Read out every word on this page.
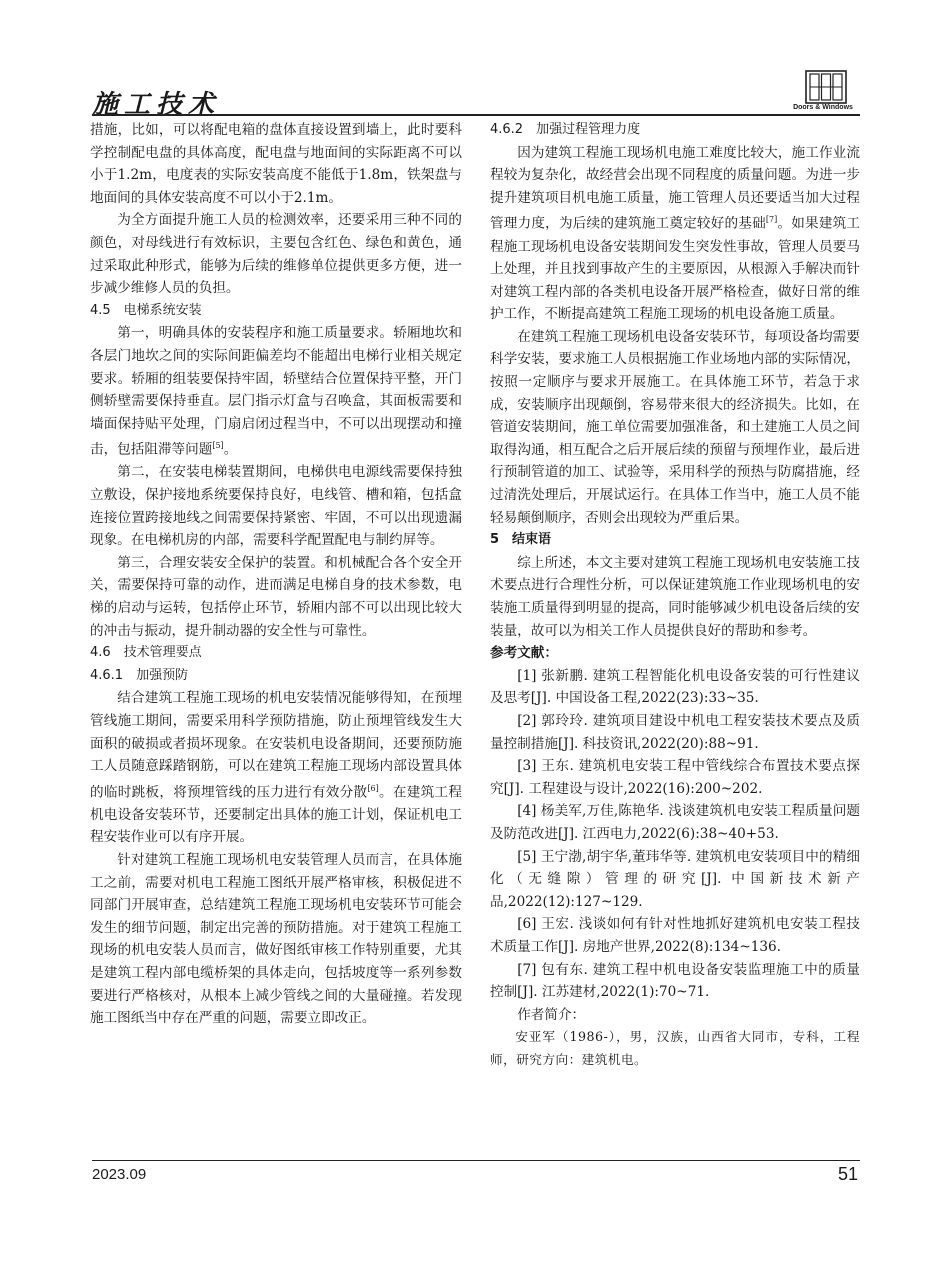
施工技术	Doors & Windows

措施，比如，可以将配电箱的盘体直接设置到墙上，此时要科学控制配电盘的具体高度，配电盘与地面间的实际距离不可以小于1.2m，电度表的实际安装高度不能低于1.8m，铁架盘与地面间的具体安装高度不可以小于2.1m。

为全方面提升施工人员的检测效率，还要采用三种不同的颜色，对母线进行有效标识，主要包含红色、绿色和黄色，通过采取此种形式，能够为后续的维修单位提供更多方便，进一步减少维修人员的负担。

4.5　电梯系统安装

第一，明确具体的安装程序和施工质量要求。轿厢地坎和各层门地坎之间的实际间距偏差均不能超出电梯行业相关规定要求。轿厢的组装要保持牢固，轿壁结合位置保持平整，开门侧轿壁需要保持垂直。层门指示灯盒与召唤盒，其面板需要和墙面保持贴平处理，门扇启闭过程当中，不可以出现摆动和撞击，包括阻滞等问题[5]。

第二，在安装电梯装置期间，电梯供电电源线需要保持独立敷设，保护接地系统要保持良好，电线管、槽和箱，包括盒连接位置跨接地线之间需要保持紧密、牢固，不可以出现遗漏现象。在电梯机房的内部，需要科学配置配电与制约屏等。

第三，合理安装安全保护的装置。和机械配合各个安全开关，需要保持可靠的动作，进而满足电梯自身的技术参数，电梯的启动与运转，包括停止环节，轿厢内部不可以出现比较大的冲击与振动，提升制动器的安全性与可靠性。

4.6　技术管理要点

4.6.1　加强预防

结合建筑工程施工现场的机电安装情况能够得知，在预埋管线施工期间，需要采用科学预防措施，防止预埋管线发生大面积的破损或者损坏现象。在安装机电设备期间，还要预防施工人员随意踩踏钢筋，可以在建筑工程施工现场内部设置具体的临时跳板，将预埋管线的压力进行有效分散[6]。在建筑工程机电设备安装环节，还要制定出具体的施工计划，保证机电工程安装作业可以有序开展。

针对建筑工程施工现场机电安装管理人员而言，在具体施工之前，需要对机电工程施工图纸开展严格审核，积极促进不同部门开展审查，总结建筑工程施工现场机电安装环节可能会发生的细节问题，制定出完善的预防措施。对于建筑工程施工现场的机电安装人员而言，做好图纸审核工作特别重要，尤其是建筑工程内部电缆桥架的具体走向，包括坡度等一系列参数要进行严格核对，从根本上减少管线之间的大量碰撞。若发现施工图纸当中存在严重的问题，需要立即改正。

4.6.2　加强过程管理力度

因为建筑工程施工现场机电施工难度比较大，施工作业流程较为复杂化，故经营会出现不同程度的质量问题。为进一步提升建筑项目机电施工质量，施工管理人员还要适当加大过程管理力度，为后续的建筑施工奠定较好的基础[7]。如果建筑工程施工现场机电设备安装期间发生突发性事故，管理人员要马上处理，并且找到事故产生的主要原因，从根源入手解决而针对建筑工程内部的各类机电设备开展严格检查，做好日常的维护工作，不断提高建筑工程施工现场的机电设备施工质量。

在建筑工程施工现场机电设备安装环节，每项设备均需要科学安装，要求施工人员根据施工作业场地内部的实际情况，按照一定顺序与要求开展施工。在具体施工环节，若急于求成，安装顺序出现颠倒，容易带来很大的经济损失。比如，在管道安装期间，施工单位需要加强准备，和土建施工人员之间取得沟通，相互配合之后开展后续的预留与预埋作业，最后进行预制管道的加工、试验等，采用科学的预热与防腐措施，经过清洗处理后，开展试运行。在具体工作当中，施工人员不能轻易颠倒顺序，否则会出现较为严重后果。

5　结束语

综上所述，本文主要对建筑工程施工现场机电安装施工技术要点进行合理性分析，可以保证建筑施工作业现场机电的安装施工质量得到明显的提高，同时能够减少机电设备后续的安装量，故可以为相关工作人员提供良好的帮助和参考。

参考文献：

[1] 张新鹏. 建筑工程智能化机电设备安装的可行性建议及思考[J]. 中国设备工程,2022(23):33~35.

[2] 郭玲玲. 建筑项目建设中机电工程安装技术要点及质量控制措施[J]. 科技资讯,2022(20):88~91.

[3] 王东. 建筑机电安装工程中管线综合布置技术要点探究[J]. 工程建设与设计,2022(16):200~202.

[4] 杨美军,万佳,陈艳华. 浅谈建筑机电安装工程质量问题及防范改进[J]. 江西电力,2022(6):38~40+53.

[5] 王宁渤,胡宇华,董玮华等. 建筑机电安装项目中的精细化（无缝隙）管理的研究[J]. 中国新技术新产品,2022(12):127~129.

[6] 王宏. 浅谈如何有针对性地抓好建筑机电安装工程技术质量工作[J]. 房地产世界,2022(8):134~136.

[7] 包有东. 建筑工程中机电设备安装监理施工中的质量控制[J]. 江苏建材,2022(1):70~71.

作者简介：

安亚军（1986-），男，汉族，山西省大同市，专科，工程师，研究方向：建筑机电。

2023.09	51
